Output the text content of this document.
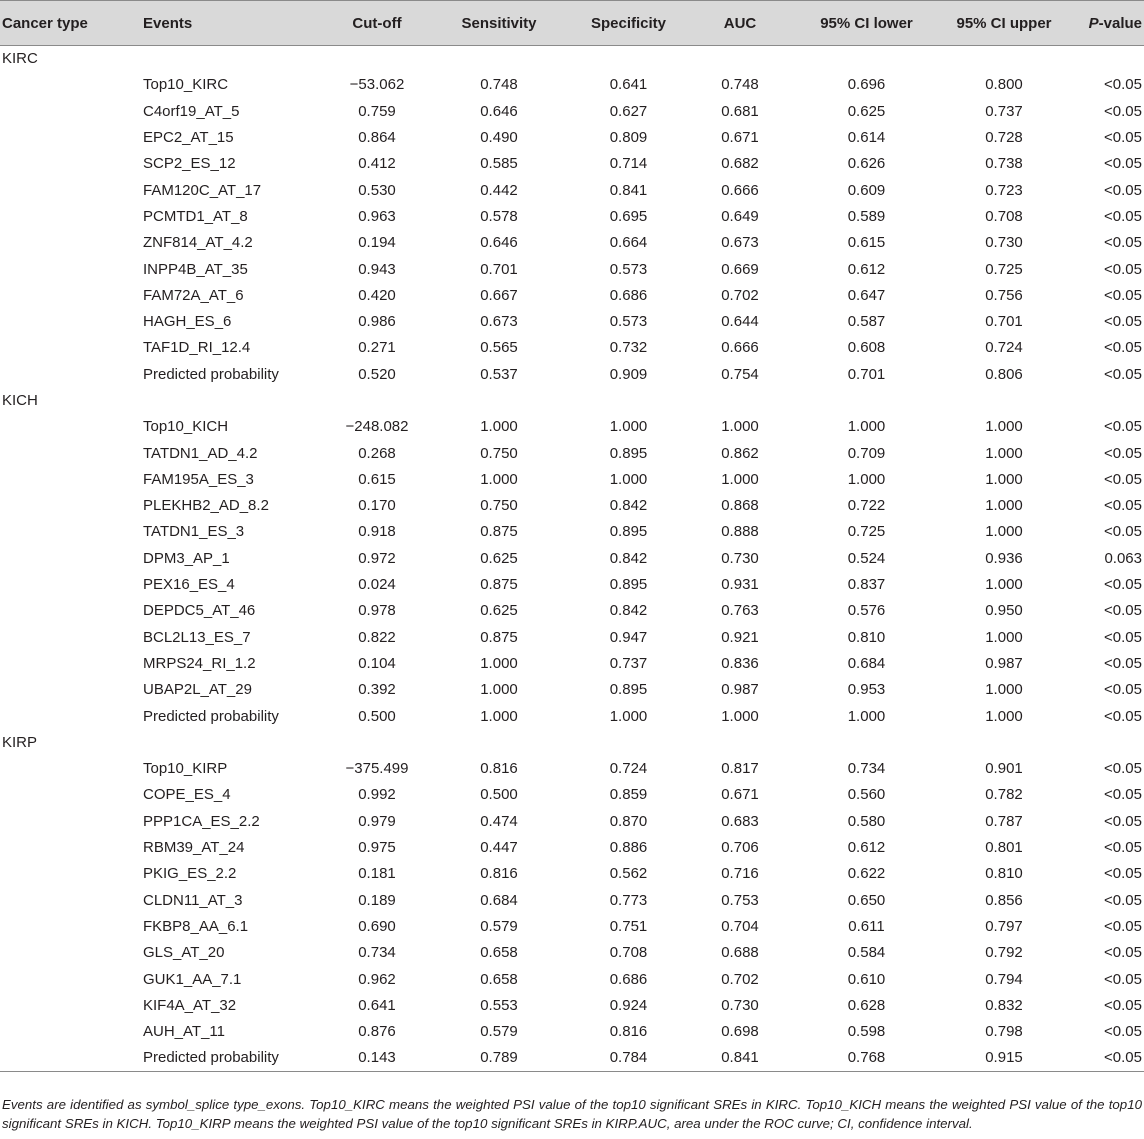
Cancer type	Events	Cut-off	Sensitivity	Specificity	AUC	95% CI lower	95% CI upper	P-value
KIRC								
	Top10_KIRC	−53.062	0.748	0.641	0.748	0.696	0.800	<0.05
	C4orf19_AT_5	0.759	0.646	0.627	0.681	0.625	0.737	<0.05
	EPC2_AT_15	0.864	0.490	0.809	0.671	0.614	0.728	<0.05
	SCP2_ES_12	0.412	0.585	0.714	0.682	0.626	0.738	<0.05
	FAM120C_AT_17	0.530	0.442	0.841	0.666	0.609	0.723	<0.05
	PCMTD1_AT_8	0.963	0.578	0.695	0.649	0.589	0.708	<0.05
	ZNF814_AT_4.2	0.194	0.646	0.664	0.673	0.615	0.730	<0.05
	INPP4B_AT_35	0.943	0.701	0.573	0.669	0.612	0.725	<0.05
	FAM72A_AT_6	0.420	0.667	0.686	0.702	0.647	0.756	<0.05
	HAGH_ES_6	0.986	0.673	0.573	0.644	0.587	0.701	<0.05
	TAF1D_RI_12.4	0.271	0.565	0.732	0.666	0.608	0.724	<0.05
	Predicted probability	0.520	0.537	0.909	0.754	0.701	0.806	<0.05
KICH								
	Top10_KICH	−248.082	1.000	1.000	1.000	1.000	1.000	<0.05
	TATDN1_AD_4.2	0.268	0.750	0.895	0.862	0.709	1.000	<0.05
	FAM195A_ES_3	0.615	1.000	1.000	1.000	1.000	1.000	<0.05
	PLEKHB2_AD_8.2	0.170	0.750	0.842	0.868	0.722	1.000	<0.05
	TATDN1_ES_3	0.918	0.875	0.895	0.888	0.725	1.000	<0.05
	DPM3_AP_1	0.972	0.625	0.842	0.730	0.524	0.936	0.063
	PEX16_ES_4	0.024	0.875	0.895	0.931	0.837	1.000	<0.05
	DEPDC5_AT_46	0.978	0.625	0.842	0.763	0.576	0.950	<0.05
	BCL2L13_ES_7	0.822	0.875	0.947	0.921	0.810	1.000	<0.05
	MRPS24_RI_1.2	0.104	1.000	0.737	0.836	0.684	0.987	<0.05
	UBAP2L_AT_29	0.392	1.000	0.895	0.987	0.953	1.000	<0.05
	Predicted probability	0.500	1.000	1.000	1.000	1.000	1.000	<0.05
KIRP								
	Top10_KIRP	−375.499	0.816	0.724	0.817	0.734	0.901	<0.05
	COPE_ES_4	0.992	0.500	0.859	0.671	0.560	0.782	<0.05
	PPP1CA_ES_2.2	0.979	0.474	0.870	0.683	0.580	0.787	<0.05
	RBM39_AT_24	0.975	0.447	0.886	0.706	0.612	0.801	<0.05
	PKIG_ES_2.2	0.181	0.816	0.562	0.716	0.622	0.810	<0.05
	CLDN11_AT_3	0.189	0.684	0.773	0.753	0.650	0.856	<0.05
	FKBP8_AA_6.1	0.690	0.579	0.751	0.704	0.611	0.797	<0.05
	GLS_AT_20	0.734	0.658	0.708	0.688	0.584	0.792	<0.05
	GUK1_AA_7.1	0.962	0.658	0.686	0.702	0.610	0.794	<0.05
	KIF4A_AT_32	0.641	0.553	0.924	0.730	0.628	0.832	<0.05
	AUH_AT_11	0.876	0.579	0.816	0.698	0.598	0.798	<0.05
	Predicted probability	0.143	0.789	0.784	0.841	0.768	0.915	<0.05
Events are identified as symbol_splice type_exons. Top10_KIRC means the weighted PSI value of the top10 significant SREs in KIRC. Top10_KICH means the weighted PSI value of the top10 significant SREs in KICH. Top10_KIRP means the weighted PSI value of the top10 significant SREs in KIRP.AUC, area under the ROC curve; CI, confidence interval.
